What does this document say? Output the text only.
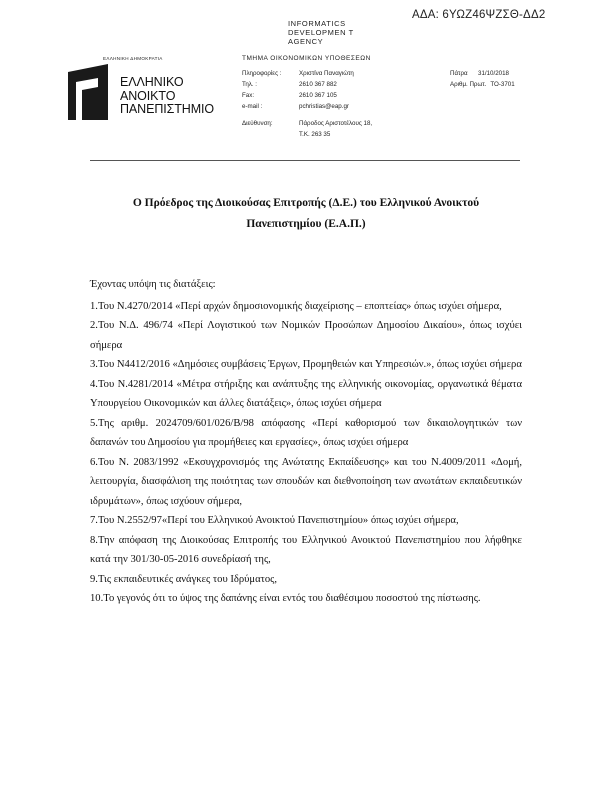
ΑΔΑ: 6ΥΩΖ46ΨΖΣΘ-ΔΔ2
INFORMATICS
DEVELOPMEN T
AGENCY
ΕΛΛΗΝΙΚΗ ΔΗΜΟΚΡΑΤΙΑ	ΤΜΗΜΑ ΟΙΚΟΝΟΜΙΚΩΝ ΥΠΟΘΕΣΕΩΝ
ΕΛΛΗΝΙΚΟ
ΑΝΟΙΚΤΟ
ΠΑΝΕΠΙΣΤΗΜΙΟ
Πληροφορίες :	Χριστίνα Παναγιώτη
Τηλ. :	2610 367 882
Fax:	2610 367 105
e-mail :	pchristias@eap.gr
Διεύθυνση:	Πάροδος Αριστοτέλους 18,
Τ.Κ. 263 35
Πάτρα	31/10/2018
Αριθμ. Πρωτ. ΤΟ-3701
Ο Πρόεδρος της Διοικούσας Επιτροπής (Δ.Ε.) του Ελληνικού Ανοικτού
Πανεπιστημίου (Ε.Α.Π.)
Έχοντας υπόψη τις διατάξεις:
1.Του Ν.4270/2014 «Περί αρχών δημοσιονομικής διαχείρισης – εποπτείας» όπως ισχύει σήμερα,
2.Του Ν.Δ. 496/74 «Περί Λογιστικού των Νομικών Προσώπων Δημοσίου Δικαίου», όπως ισχύει σήμερα
3.Του Ν4412/2016 «Δημόσιες συμβάσεις Έργων, Προμηθειών και Υπηρεσιών.», όπως ισχύει σήμερα
4.Του Ν.4281/2014 «Μέτρα στήριξης και ανάπτυξης της ελληνικής οικονομίας, οργανωτικά θέματα Υπουργείου Οικονομικών και άλλες διατάξεις», όπως ισχύει σήμερα
5.Της αριθμ. 2024709/601/026/Β/98 απόφασης «Περί καθορισμού των δικαιολογητικών των δαπανών του Δημοσίου για προμήθειες και εργασίες», όπως ισχύει σήμερα
6.Του Ν. 2083/1992 «Εκσυγχρονισμός της Ανώτατης Εκπαίδευσης» και του Ν.4009/2011 «Δομή, λειτουργία, διασφάλιση της ποιότητας των σπουδών και διεθνοποίηση των ανωτάτων εκπαιδευτικών ιδρυμάτων», όπως ισχύουν σήμερα,
7.Του Ν.2552/97«Περί του Ελληνικού Ανοικτού Πανεπιστημίου» όπως ισχύει σήμερα,
8.Την απόφαση της Διοικούσας Επιτροπής του Ελληνικού Ανοικτού Πανεπιστημίου που λήφθηκε κατά την 301/30-05-2016 συνεδρίασή της,
9.Τις εκπαιδευτικές ανάγκες του Ιδρύματος,
10.Το γεγονός ότι το ύψος της δαπάνης είναι εντός του διαθέσιμου ποσοστού της πίστωσης.
